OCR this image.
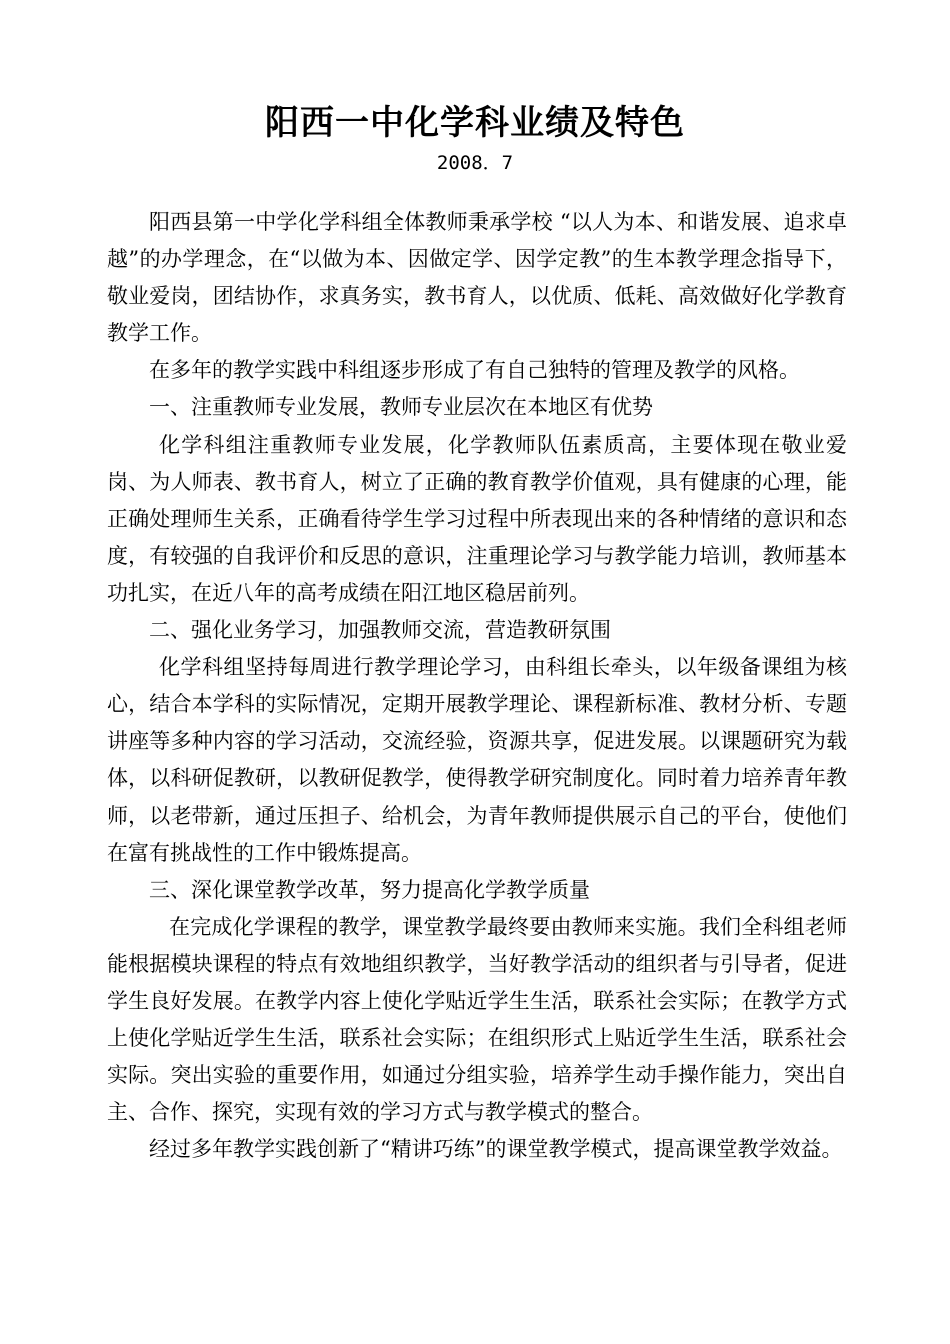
阳西一中化学科业绩及特色
2008．7

阳西县第一中学化学科组全体教师秉承学校 “以人为本、和谐发展、追求卓越”的办学理念，在“以做为本、因做定学、因学定教”的生本教学理念指导下，敬业爱岗，团结协作，求真务实，教书育人，以优质、低耗、高效做好化学教育教学工作。

在多年的教学实践中科组逐步形成了有自己独特的管理及教学的风格。

一、注重教师专业发展，教师专业层次在本地区有优势

化学科组注重教师专业发展，化学教师队伍素质高，主要体现在敬业爱岗、为人师表、教书育人，树立了正确的教育教学价值观，具有健康的心理，能正确处理师生关系，正确看待学生学习过程中所表现出来的各种情绪的意识和态度，有较强的自我评价和反思的意识，注重理论学习与教学能力培训，教师基本功扎实，在近八年的高考成绩在阳江地区稳居前列。

二、强化业务学习，加强教师交流，营造教研氛围

化学科组坚持每周进行教学理论学习，由科组长牵头，以年级备课组为核心，结合本学科的实际情况，定期开展教学理论、课程新标准、教材分析、专题讲座等多种内容的学习活动，交流经验，资源共享，促进发展。以课题研究为载体，以科研促教研，以教研促教学，使得教学研究制度化。同时着力培养青年教师，以老带新，通过压担子、给机会，为青年教师提供展示自己的平台，使他们在富有挑战性的工作中锻炼提高。

三、深化课堂教学改革，努力提高化学教学质量

在完成化学课程的教学，课堂教学最终要由教师来实施。我们全科组老师能根据模块课程的特点有效地组织教学，当好教学活动的组织者与引导者，促进学生良好发展。在教学内容上使化学贴近学生生活，联系社会实际；在教学方式上使化学贴近学生生活，联系社会实际；在组织形式上贴近学生生活，联系社会实际。突出实验的重要作用，如通过分组实验，培养学生动手操作能力，突出自主、合作、探究，实现有效的学习方式与教学模式的整合。

经过多年教学实践创新了“精讲巧练”的课堂教学模式，提高课堂教学效益。
